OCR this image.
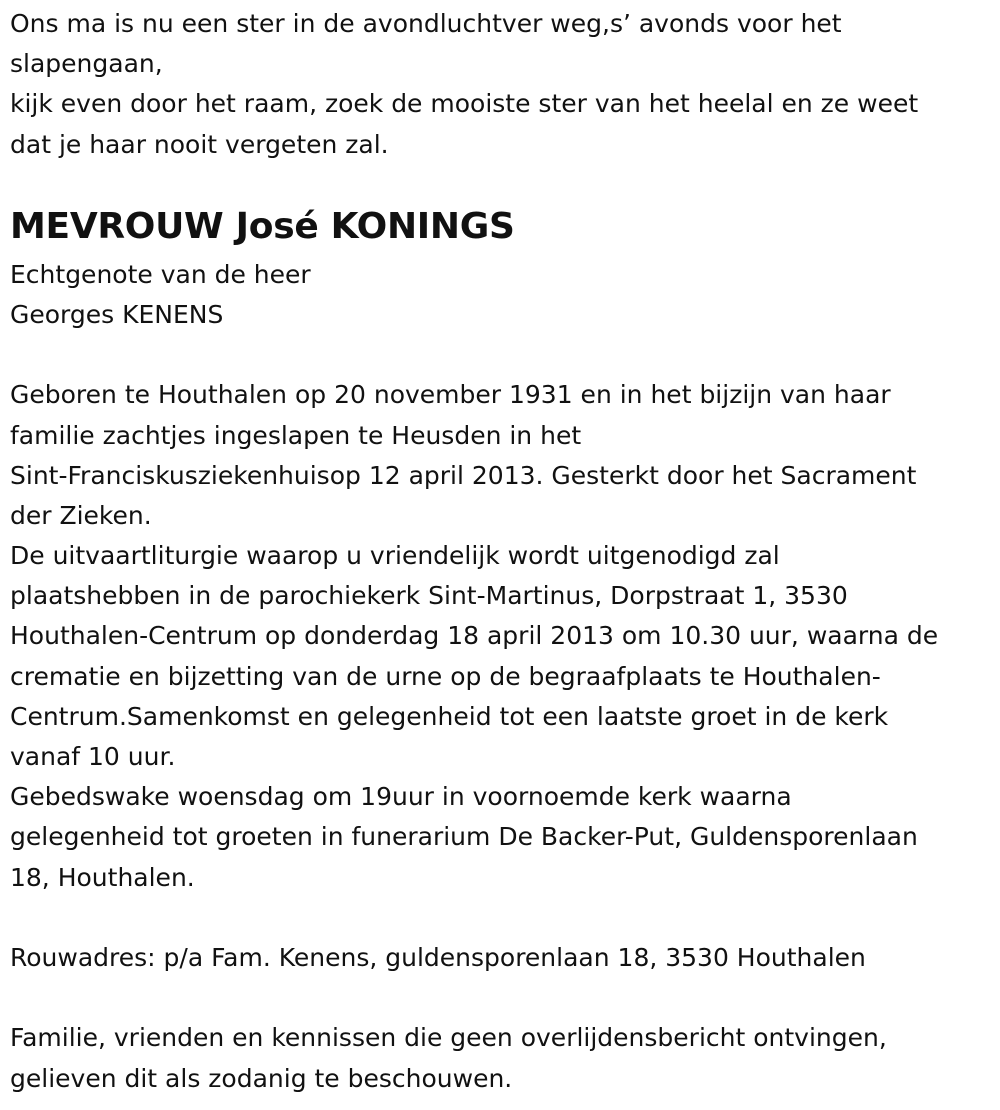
Ons ma is nu een ster in de avondluchtver weg,s’ avonds voor het
slapengaan,
kijk even door het raam, zoek de mooiste ster van het heelal en ze weet
dat je haar nooit vergeten zal.
MEVROUW José KONINGS
Echtgenote van de heer
Georges KENENS
Geboren te Houthalen op 20 november 1931 en in het bijzijn van haar
familie zachtjes ingeslapen te Heusden in het
Sint-Franciskusziekenhuisop 12 april 2013. Gesterkt door het Sacrament
der Zieken.
De uitvaartliturgie waarop u vriendelijk wordt uitgenodigd zal
plaatshebben in de parochiekerk Sint-Martinus, Dorpstraat 1, 3530
Houthalen-Centrum op donderdag 18 april 2013 om 10.30 uur, waarna de
crematie en bijzetting van de urne op de begraafplaats te Houthalen-
Centrum.Samenkomst en gelegenheid tot een laatste groet in de kerk
vanaf 10 uur.
Gebedswake woensdag om 19uur in voornoemde kerk waarna
gelegenheid tot groeten in funerarium De Backer-Put, Guldensporenlaan
18, Houthalen.
Rouwadres: p/a Fam. Kenens, guldensporenlaan 18, 3530 Houthalen
Familie, vrienden en kennissen die geen overlijdensbericht ontvingen,
gelieven dit als zodanig te beschouwen.
